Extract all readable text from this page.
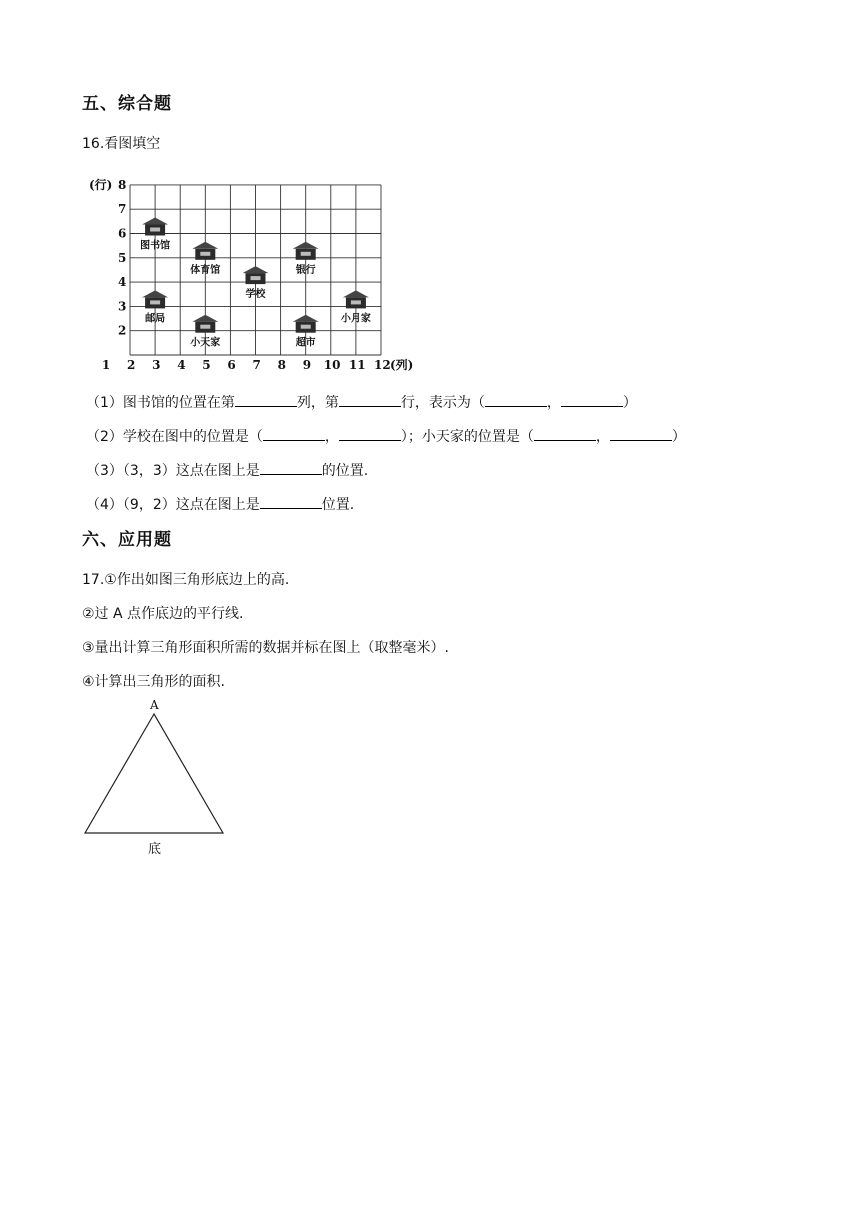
五、综合题
16.看图填空
2
3
4
5
6
7
8
(行)
1 2 3 4 5 6 7 8 9 10 11 12 (列)
图书馆
体育馆	银行
学校
邮局	小月家
小天家	超市
（1）图书馆的位置在第	列，第	行，表示为（	，	）
（2）学校在图中的位置是（	，	）；小天家的位置是（	，	）
（3）（3，3）这点在图上是	的位置.
（4）（9，2）这点在图上是	位置.
六、应用题
17.①作出如图三角形底边上的高.
②过 A 点作底边的平行线.
③量出计算三角形面积所需的数据并标在图上（取整毫米）.
④计算出三角形的面积.
A
底
